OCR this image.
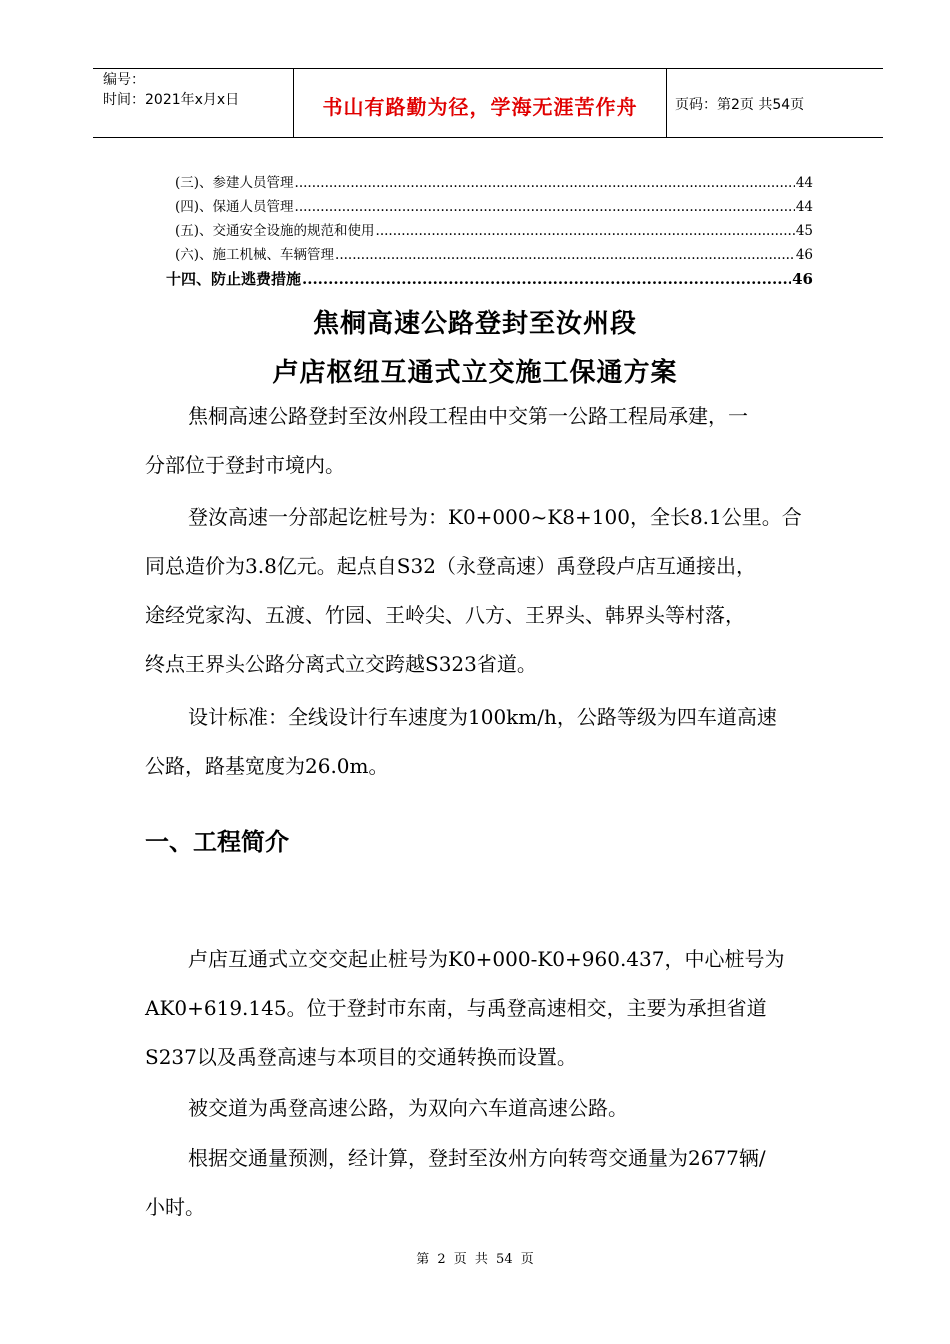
编号：
时间：2021年x月x日	书山有路勤为径，学海无涯苦作舟	页码：第2页 共54页
(三)、参建人员管理 .....	44
(四)、保通人员管理 .....	44
(五)、交通安全设施的规范和使用 .....	45
(六)、施工机械、车辆管理 .....	46
十四、防止逃费措施 .....	46
焦桐高速公路登封至汝州段
卢店枢纽互通式立交施工保通方案
焦桐高速公路登封至汝州段工程由中交第一公路工程局承建，一
分部位于登封市境内。
登汝高速一分部起讫桩号为：K0+000~K8+100，全长8.1公里。合
同总造价为3.8亿元。起点自S32（永登高速）禹登段卢店互通接出，
途经党家沟、五渡、竹园、王岭尖、八方、王界头、韩界头等村落，
终点王界头公路分离式立交跨越S323省道。
设计标准：全线设计行车速度为100km/h，公路等级为四车道高速
公路，路基宽度为26.0m。
一、工程简介
卢店互通式立交交起止桩号为K0+000-K0+960.437，中心桩号为
AK0+619.145。位于登封市东南，与禹登高速相交，主要为承担省道
S237以及禹登高速与本项目的交通转换而设置。
被交道为禹登高速公路，为双向六车道高速公路。
根据交通量预测，经计算，登封至汝州方向转弯交通量为2677辆/
小时。
第 2 页 共 54 页
